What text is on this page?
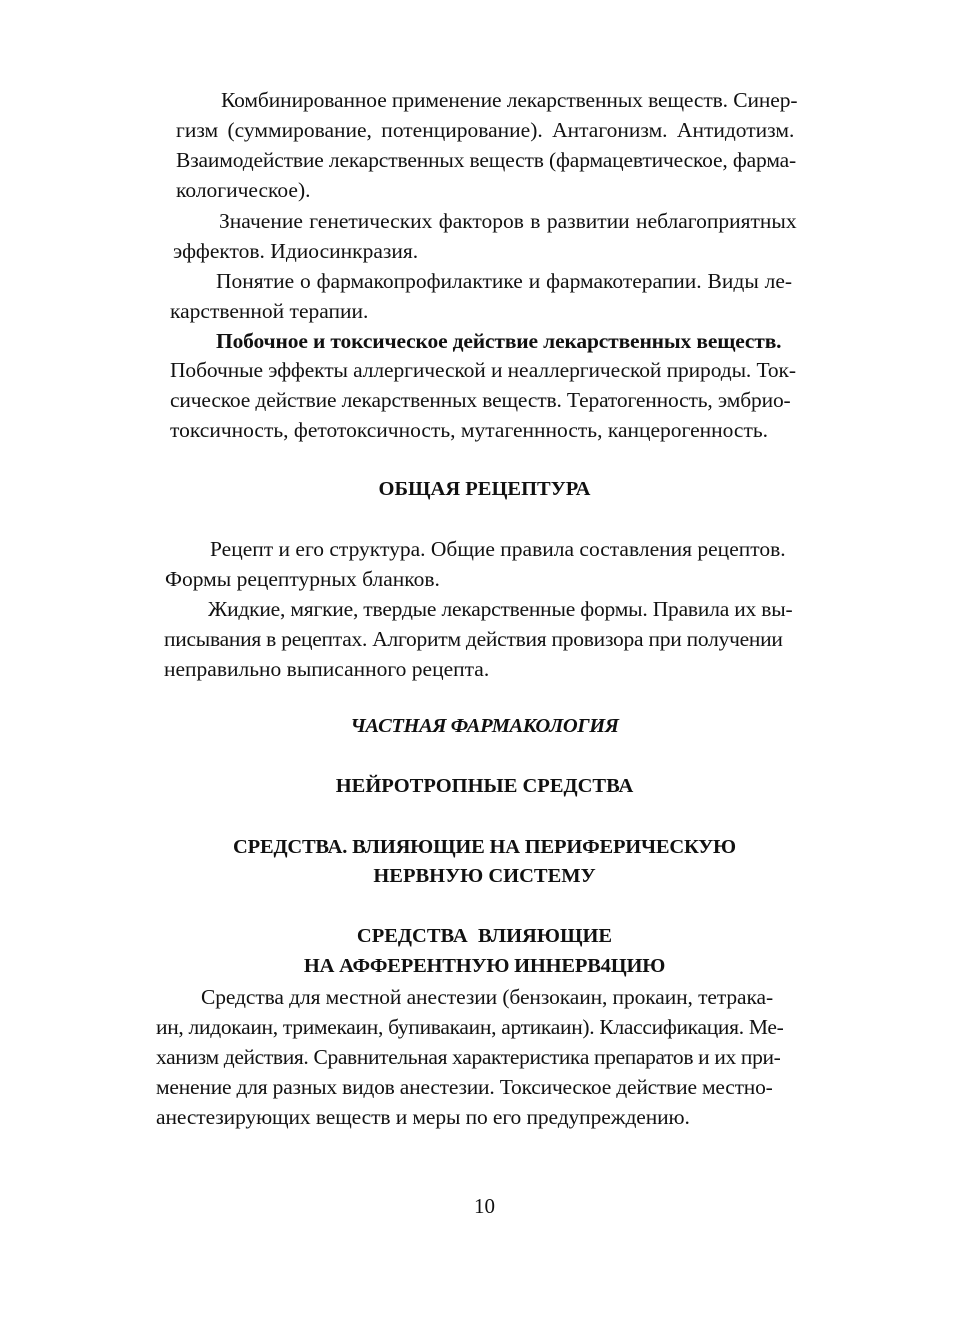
Комбинированное применение лекарственных веществ. Синер-
гизм (суммирование, потенцирование). Антагонизм. Антидотизм.
Взаимодействие лекарственных веществ (фармацевтическое, фарма-
кологическое).
Значение генетических факторов в развитии неблагоприятных
эффектов. Идиосинкразия.
Понятие о фармакопрофилактике и фармакотерапии. Виды ле-
карственной терапии.
Побочное и токсическое действие лекарственных веществ.
Побочные эффекты аллергической и неаллергической природы. Ток-
сическое действие лекарственных веществ. Тератогенность, эмбрио-
токсичность, фетотоксичность, мутагеннность, канцерогенность.
ОБЩАЯ РЕЦЕПТУРА
Рецепт и его структура. Общие правила составления рецептов.
Формы рецептурных бланков.
Жидкие, мягкие, твердые лекарственные формы. Правила их вы-
писывания в рецептах. Алгоритм действия провизора при получении
неправильно выписанного рецепта.
ЧАСТНАЯ ФАРМАКОЛОГИЯ
НЕЙРОТРОПНЫЕ СРЕДСТВА
СРЕДСТВА. ВЛИЯЮЩИЕ НА ПЕРИФЕРИЧЕСКУЮ
НЕРВНУЮ СИСТЕМУ
СРЕДСТВА  ВЛИЯЮЩИЕ
НА АФФЕРЕНТНУЮ ИННЕРВ4ЦИЮ
Средства для местной анестезии (бензокаин, прокаин, тетрака-
ин, лидокаин, тримекаин, бупивакаин, артикаин). Классификация. Ме-
ханизм действия. Сравнительная характеристика препаратов и их при-
менение для разных видов анестезии. Токсическое действие местно-
анестезирующих веществ и меры по его предупреждению.
10
